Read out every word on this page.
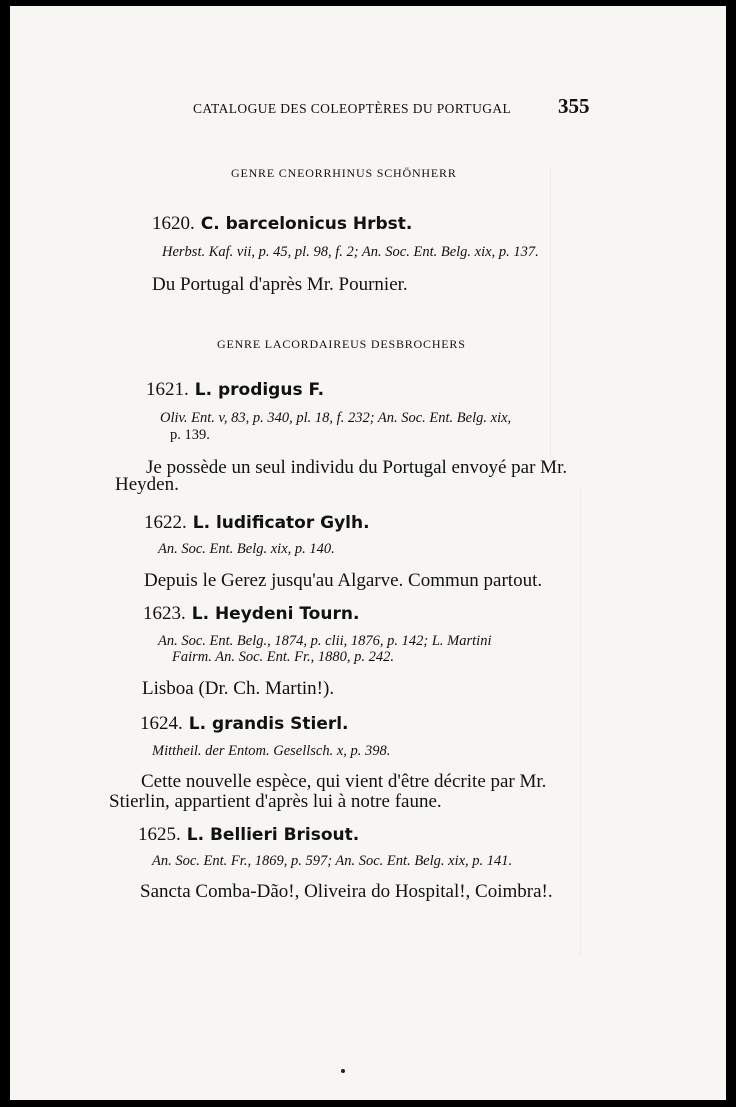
CATALOGUE DES COLEOPTÈRES DU PORTUGAL 355
GENRE CNEORRHINUS SCHÖNHERR
1620. C. barcelonicus Hrbst.
Herbst. Kaf. vii, p. 45, pl. 98, f. 2; An. Soc. Ent. Belg. xix, p. 137.
Du Portugal d'après Mr. Pournier.
GENRE LACORDAIREUS DESBROCHERS
1621. L. prodigus F.
Oliv. Ent. v, 83, p. 340, pl. 18, f. 232; An. Soc. Ent. Belg. xix,
p. 139.
Je possède un seul individu du Portugal envoyé par Mr.
Heyden.
1622. L. ludificator Gylh.
An. Soc. Ent. Belg. xix, p. 140.
Depuis le Gerez jusqu'au Algarve. Commun partout.
1623. L. Heydeni Tourn.
An. Soc. Ent. Belg., 1874, p. clii, 1876, p. 142; L. Martini
Fairm. An. Soc. Ent. Fr., 1880, p. 242.
Lisboa (Dr. Ch. Martin!).
1624. L. grandis Stierl.
Mittheil. der Entom. Gesellsch. x, p. 398.
Cette nouvelle espèce, qui vient d'être décrite par Mr.
Stierlin, appartient d'après lui à notre faune.
1625. L. Bellieri Brisout.
An. Soc. Ent. Fr., 1869, p. 597; An. Soc. Ent. Belg. xix, p. 141.
Sancta Comba-Dão!, Oliveira do Hospital!, Coimbra!.
